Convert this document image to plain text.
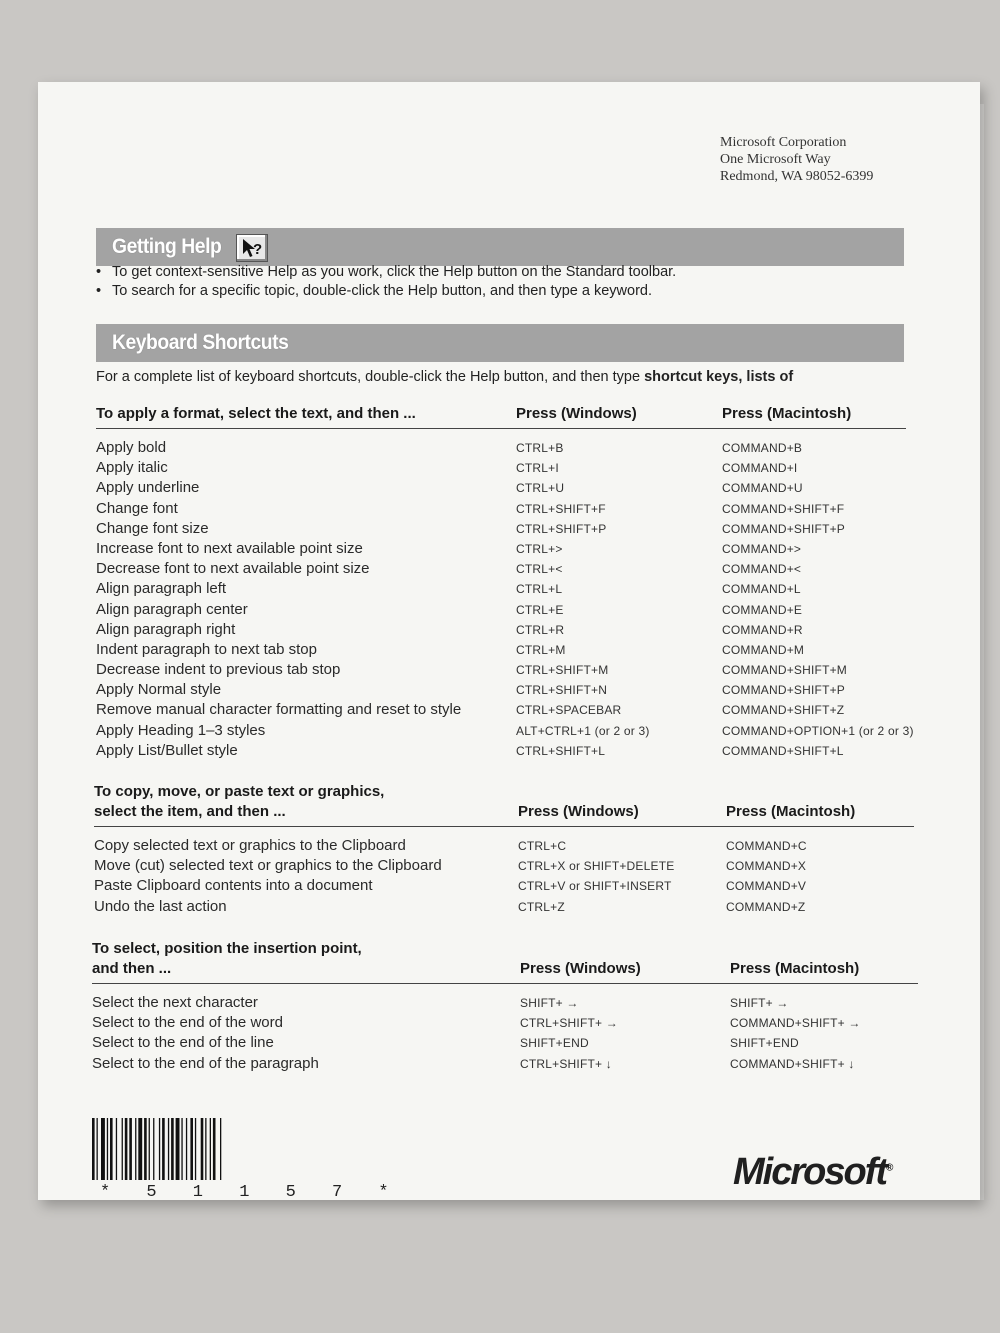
Microsoft Corporation
One Microsoft Way
Redmond, WA 98052-6399
Getting Help ?
• To get context-sensitive Help as you work, click the Help button on the Standard toolbar.
• To search for a specific topic, double-click the Help button, and then type a keyword.
Keyboard Shortcuts
For a complete list of keyboard shortcuts, double-click the Help button, and then type shortcut keys, lists of
To apply a format, select the text, and then ...	Press (Windows)	Press (Macintosh)
Apply bold	CTRL+B	COMMAND+B
Apply italic	CTRL+I	COMMAND+I
Apply underline	CTRL+U	COMMAND+U
Change font	CTRL+SHIFT+F	COMMAND+SHIFT+F
Change font size	CTRL+SHIFT+P	COMMAND+SHIFT+P
Increase font to next available point size	CTRL+>	COMMAND+>
Decrease font to next available point size	CTRL+<	COMMAND+<
Align paragraph left	CTRL+L	COMMAND+L
Align paragraph center	CTRL+E	COMMAND+E
Align paragraph right	CTRL+R	COMMAND+R
Indent paragraph to next tab stop	CTRL+M	COMMAND+M
Decrease indent to previous tab stop	CTRL+SHIFT+M	COMMAND+SHIFT+M
Apply Normal style	CTRL+SHIFT+N	COMMAND+SHIFT+P
Remove manual character formatting and reset to style	CTRL+SPACEBAR	COMMAND+SHIFT+Z
Apply Heading 1–3 styles	ALT+CTRL+1 (or 2 or 3)	COMMAND+OPTION+1 (or 2 or 3)
Apply List/Bullet style	CTRL+SHIFT+L	COMMAND+SHIFT+L
To copy, move, or paste text or graphics,
select the item, and then ...	Press (Windows)	Press (Macintosh)
Copy selected text or graphics to the Clipboard	CTRL+C	COMMAND+C
Move (cut) selected text or graphics to the Clipboard	CTRL+X or SHIFT+DELETE	COMMAND+X
Paste Clipboard contents into a document	CTRL+V or SHIFT+INSERT	COMMAND+V
Undo the last action	CTRL+Z	COMMAND+Z
To select, position the insertion point,
and then ...	Press (Windows)	Press (Macintosh)
Select the next character	SHIFT+ →	SHIFT+ →
Select to the end of the word	CTRL+SHIFT+ →	COMMAND+SHIFT+ →
Select to the end of the line	SHIFT+END	SHIFT+END
Select to the end of the paragraph	CTRL+SHIFT+ ↓	COMMAND+SHIFT+ ↓
* 5 1 1 5 7 *	Microsoft®
